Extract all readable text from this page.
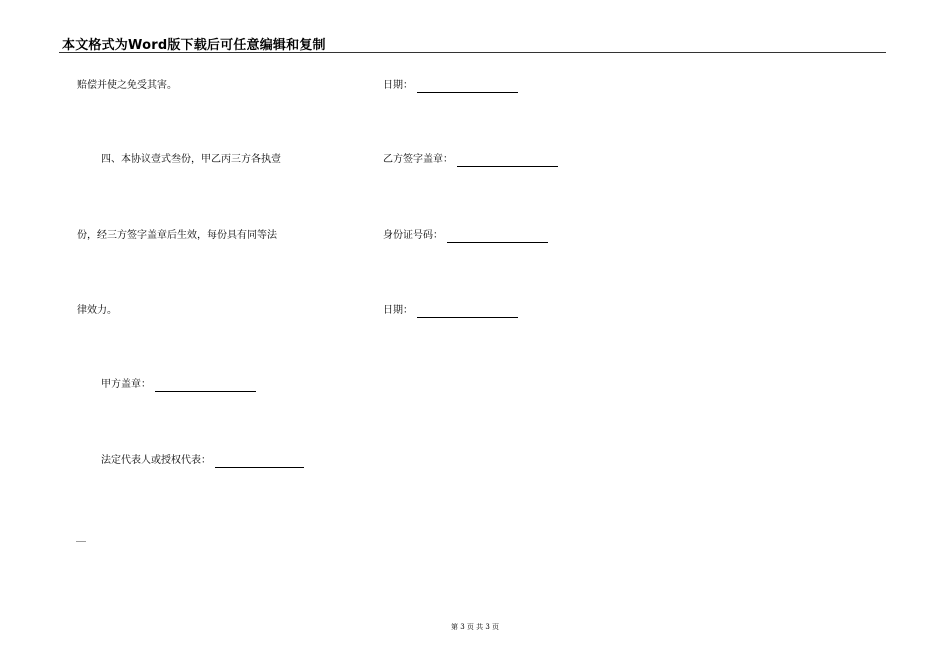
本文格式为Word版下载后可任意编辑和复制
赔偿并使之免受其害。
四、本协议壹式叁份，甲乙丙三方各执壹
份，经三方签字盖章后生效，每份具有同等法
律效力。
甲方盖章：
法定代表人或授权代表：
__
日期：
乙方签字盖章：
身份证号码：
日期：
第 3 页 共 3 页
